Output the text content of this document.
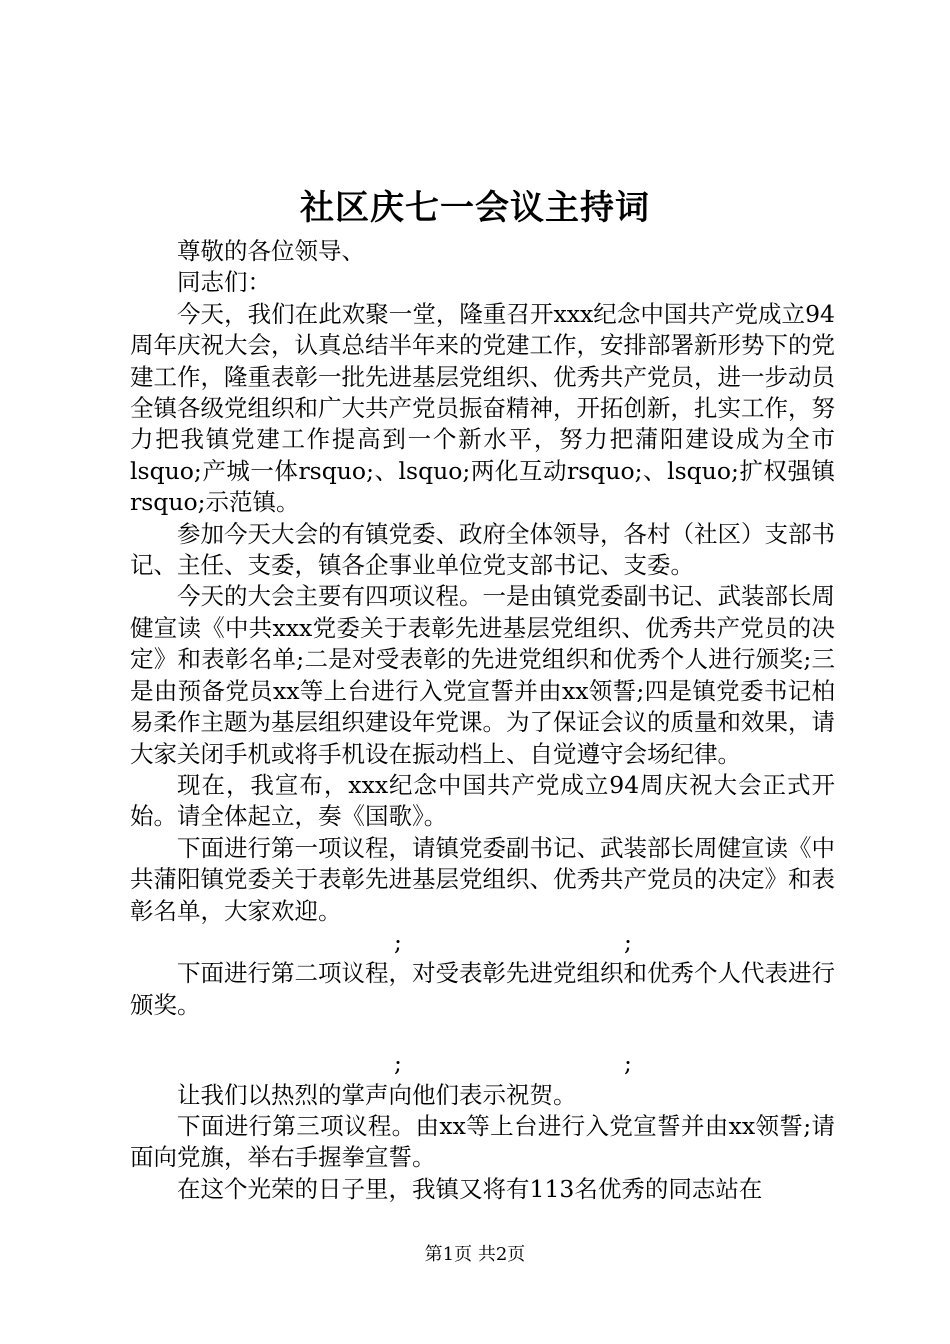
社区庆七一会议主持词

尊敬的各位领导、

同志们：

今天，我们在此欢聚一堂，隆重召开xxx纪念中国共产党成立94周年庆祝大会，认真总结半年来的党建工作，安排部署新形势下的党建工作，隆重表彰一批先进基层党组织、优秀共产党员，进一步动员全镇各级党组织和广大共产党员振奋精神，开拓创新，扎实工作，努力把我镇党建工作提高到一个新水平，努力把蒲阳建设成为全市lsquo;产城一体rsquo;、lsquo;两化互动rsquo;、lsquo;扩权强镇rsquo;示范镇。

参加今天大会的有镇党委、政府全体领导，各村（社区）支部书记、主任、支委，镇各企事业单位党支部书记、支委。

今天的大会主要有四项议程。一是由镇党委副书记、武装部长周健宣读《中共xxx党委关于表彰先进基层党组织、优秀共产党员的决定》和表彰名单;二是对受表彰的先进党组织和优秀个人进行颁奖;三是由预备党员xx等上台进行入党宣誓并由xx领誓;四是镇党委书记柏易柔作主题为基层组织建设年党课。为了保证会议的质量和效果，请大家关闭手机或将手机设在振动档上、自觉遵守会场纪律。

现在，我宣布，xxx纪念中国共产党成立94周庆祝大会正式开始。请全体起立，奏《国歌》。

下面进行第一项议程，请镇党委副书记、武装部长周健宣读《中共蒲阳镇党委关于表彰先进基层党组织、优秀共产党员的决定》和表彰名单，大家欢迎。

;	;

下面进行第二项议程，对受表彰先进党组织和优秀个人代表进行颁奖。

;	;

让我们以热烈的掌声向他们表示祝贺。

下面进行第三项议程。由xx等上台进行入党宣誓并由xx领誓;请面向党旗，举右手握拳宣誓。

在这个光荣的日子里，我镇又将有113名优秀的同志站在

第1页 共2页
